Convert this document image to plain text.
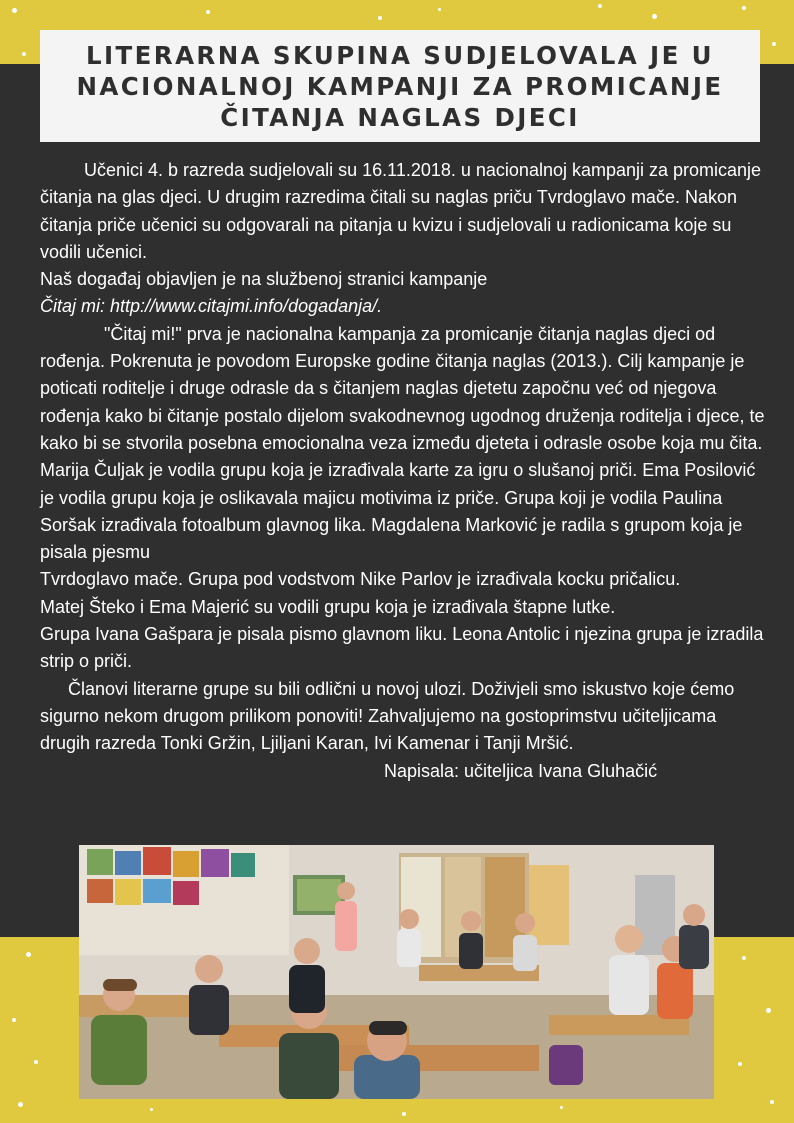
LITERARNA SKUPINA SUDJELOVALA JE U
NACIONALNOJ KAMPANJI ZA PROMICANJE
ČITANJA NAGLAS DJECI

Učenici 4. b razreda sudjelovali su 16.11.2018. u nacionalnoj kampanji za promicanje čitanja na glas djeci. U drugim razredima čitali su naglas priču Tvrdoglavo mače. Nakon čitanja priče učenici su odgovarali na pitanja u kvizu i sudjelovali u radionicama koje su vodili učenici.

Naš događaj objavljen je na službenoj stranici kampanje

Čitaj mi: http://www.citajmi.info/dogadanja/.

"Čitaj mi!" prva je nacionalna kampanja za promicanje čitanja naglas djeci od rođenja. Pokrenuta je povodom Europske godine čitanja naglas (2013.). Cilj kampanje je poticati roditelje i druge odrasle da s čitanjem naglas djetetu započnu već od njegova rođenja kako bi čitanje postalo dijelom svakodnevnog ugodnog druženja roditelja i djece, te kako bi se stvorila posebna emocionalna veza između djeteta i odrasle osobe koja mu čita.

Marija Čuljak je vodila grupu koja je izrađivala karte za igru o slušanoj priči. Ema Posilović je vodila grupu koja je oslikavala majicu motivima iz priče. Grupa koji je vodila Paulina Soršak izrađivala fotoalbum glavnog lika. Magdalena Marković je radila s grupom koja je pisala pjesmu

Tvrdoglavo mače. Grupa pod vodstvom Nike Parlov je izrađivala kocku pričalicu.

Matej Šteko i Ema Majerić su vodili grupu koja je izrađivala štapne lutke.

Grupa Ivana Gašpara je pisala pismo glavnom liku. Leona Antolic i njezina grupa je izradila strip o priči.

Članovi literarne grupe su bili odlični u novoj ulozi. Doživjeli smo iskustvo koje ćemo sigurno nekom drugom prilikom ponoviti! Zahvaljujemo na gostoprimstvu učiteljicama drugih razreda Tonki Gržin, Ljiljani Karan, Ivi Kamenar i Tanji Mršić.

Napisala: učiteljica Ivana Gluhačić
